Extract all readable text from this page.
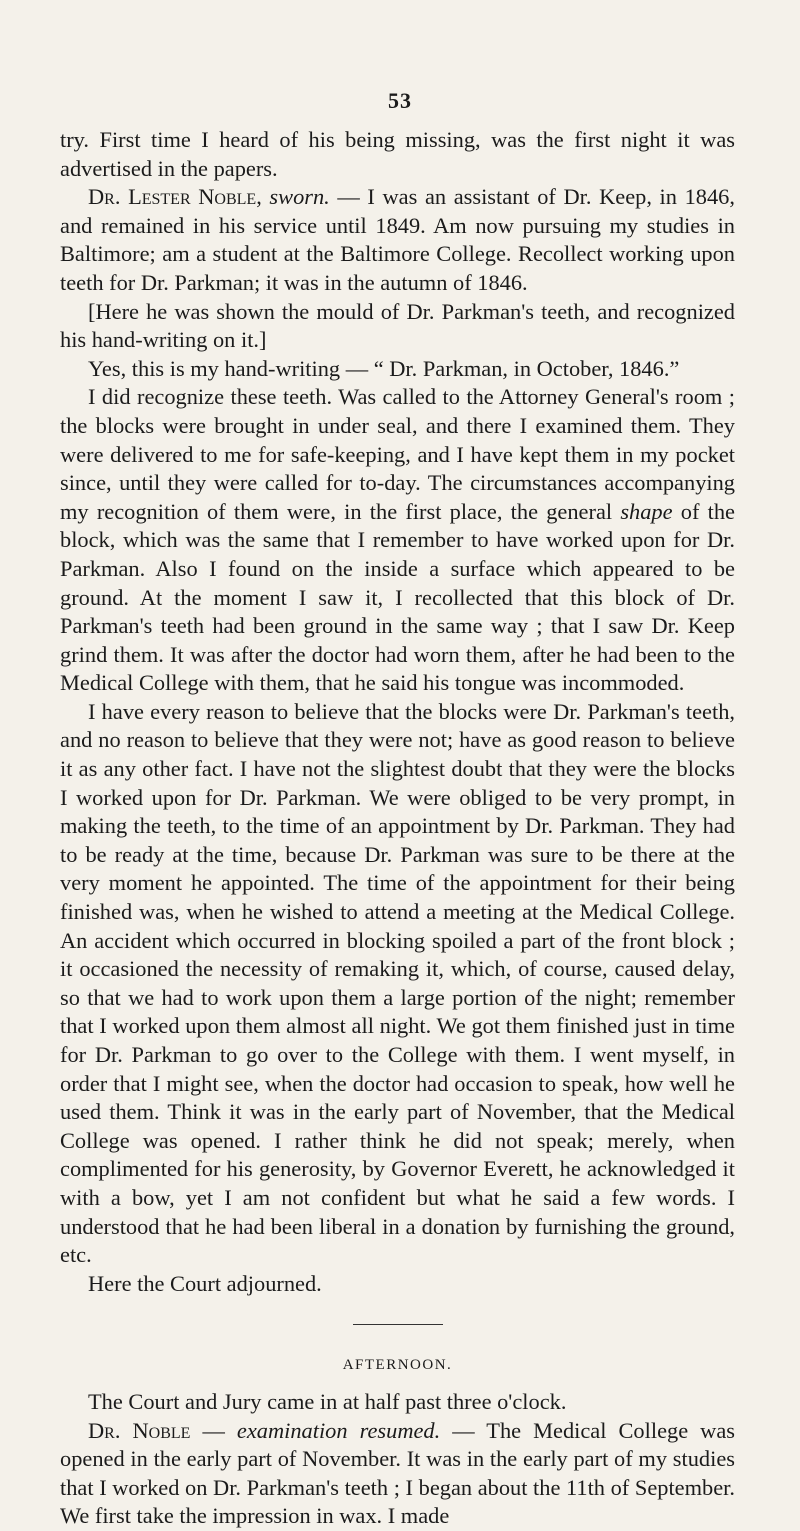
53

try. First time I heard of his being missing, was the first night it was advertised in the papers.

Dr. Lester Noble, sworn. — I was an assistant of Dr. Keep, in 1846, and remained in his service until 1849. Am now pursuing my studies in Baltimore; am a student at the Baltimore College. Recollect working upon teeth for Dr. Parkman; it was in the autumn of 1846.

[Here he was shown the mould of Dr. Parkman's teeth, and recognized his hand-writing on it.]

Yes, this is my hand-writing — “ Dr. Parkman, in October, 1846.”

I did recognize these teeth. Was called to the Attorney General's room ; the blocks were brought in under seal, and there I examined them. They were delivered to me for safe-keeping, and I have kept them in my pocket since, until they were called for to-day. The circumstances accompanying my recognition of them were, in the first place, the general shape of the block, which was the same that I remember to have worked upon for Dr. Parkman. Also I found on the inside a surface which appeared to be ground. At the moment I saw it, I recollected that this block of Dr. Parkman's teeth had been ground in the same way ; that I saw Dr. Keep grind them. It was after the doctor had worn them, after he had been to the Medical College with them, that he said his tongue was incommoded.

I have every reason to believe that the blocks were Dr. Parkman's teeth, and no reason to believe that they were not; have as good reason to believe it as any other fact. I have not the slightest doubt that they were the blocks I worked upon for Dr. Parkman. We were obliged to be very prompt, in making the teeth, to the time of an appointment by Dr. Parkman. They had to be ready at the time, because Dr. Parkman was sure to be there at the very moment he appointed. The time of the appointment for their being finished was, when he wished to attend a meeting at the Medical College. An accident which occurred in blocking spoiled a part of the front block ; it occasioned the necessity of remaking it, which, of course, caused delay, so that we had to work upon them a large portion of the night; remember that I worked upon them almost all night. We got them finished just in time for Dr. Parkman to go over to the College with them. I went myself, in order that I might see, when the doctor had occasion to speak, how well he used them. Think it was in the early part of November, that the Medical College was opened. I rather think he did not speak; merely, when complimented for his generosity, by Governor Everett, he acknowledged it with a bow, yet I am not confident but what he said a few words. I understood that he had been liberal in a donation by furnishing the ground, etc.

Here the Court adjourned.

AFTERNOON.

The Court and Jury came in at half past three o'clock.

Dr. Noble — examination resumed. — The Medical College was opened in the early part of November. It was in the early part of my studies that I worked on Dr. Parkman's teeth ; I began about the 11th of September. We first take the impression in wax. I made
